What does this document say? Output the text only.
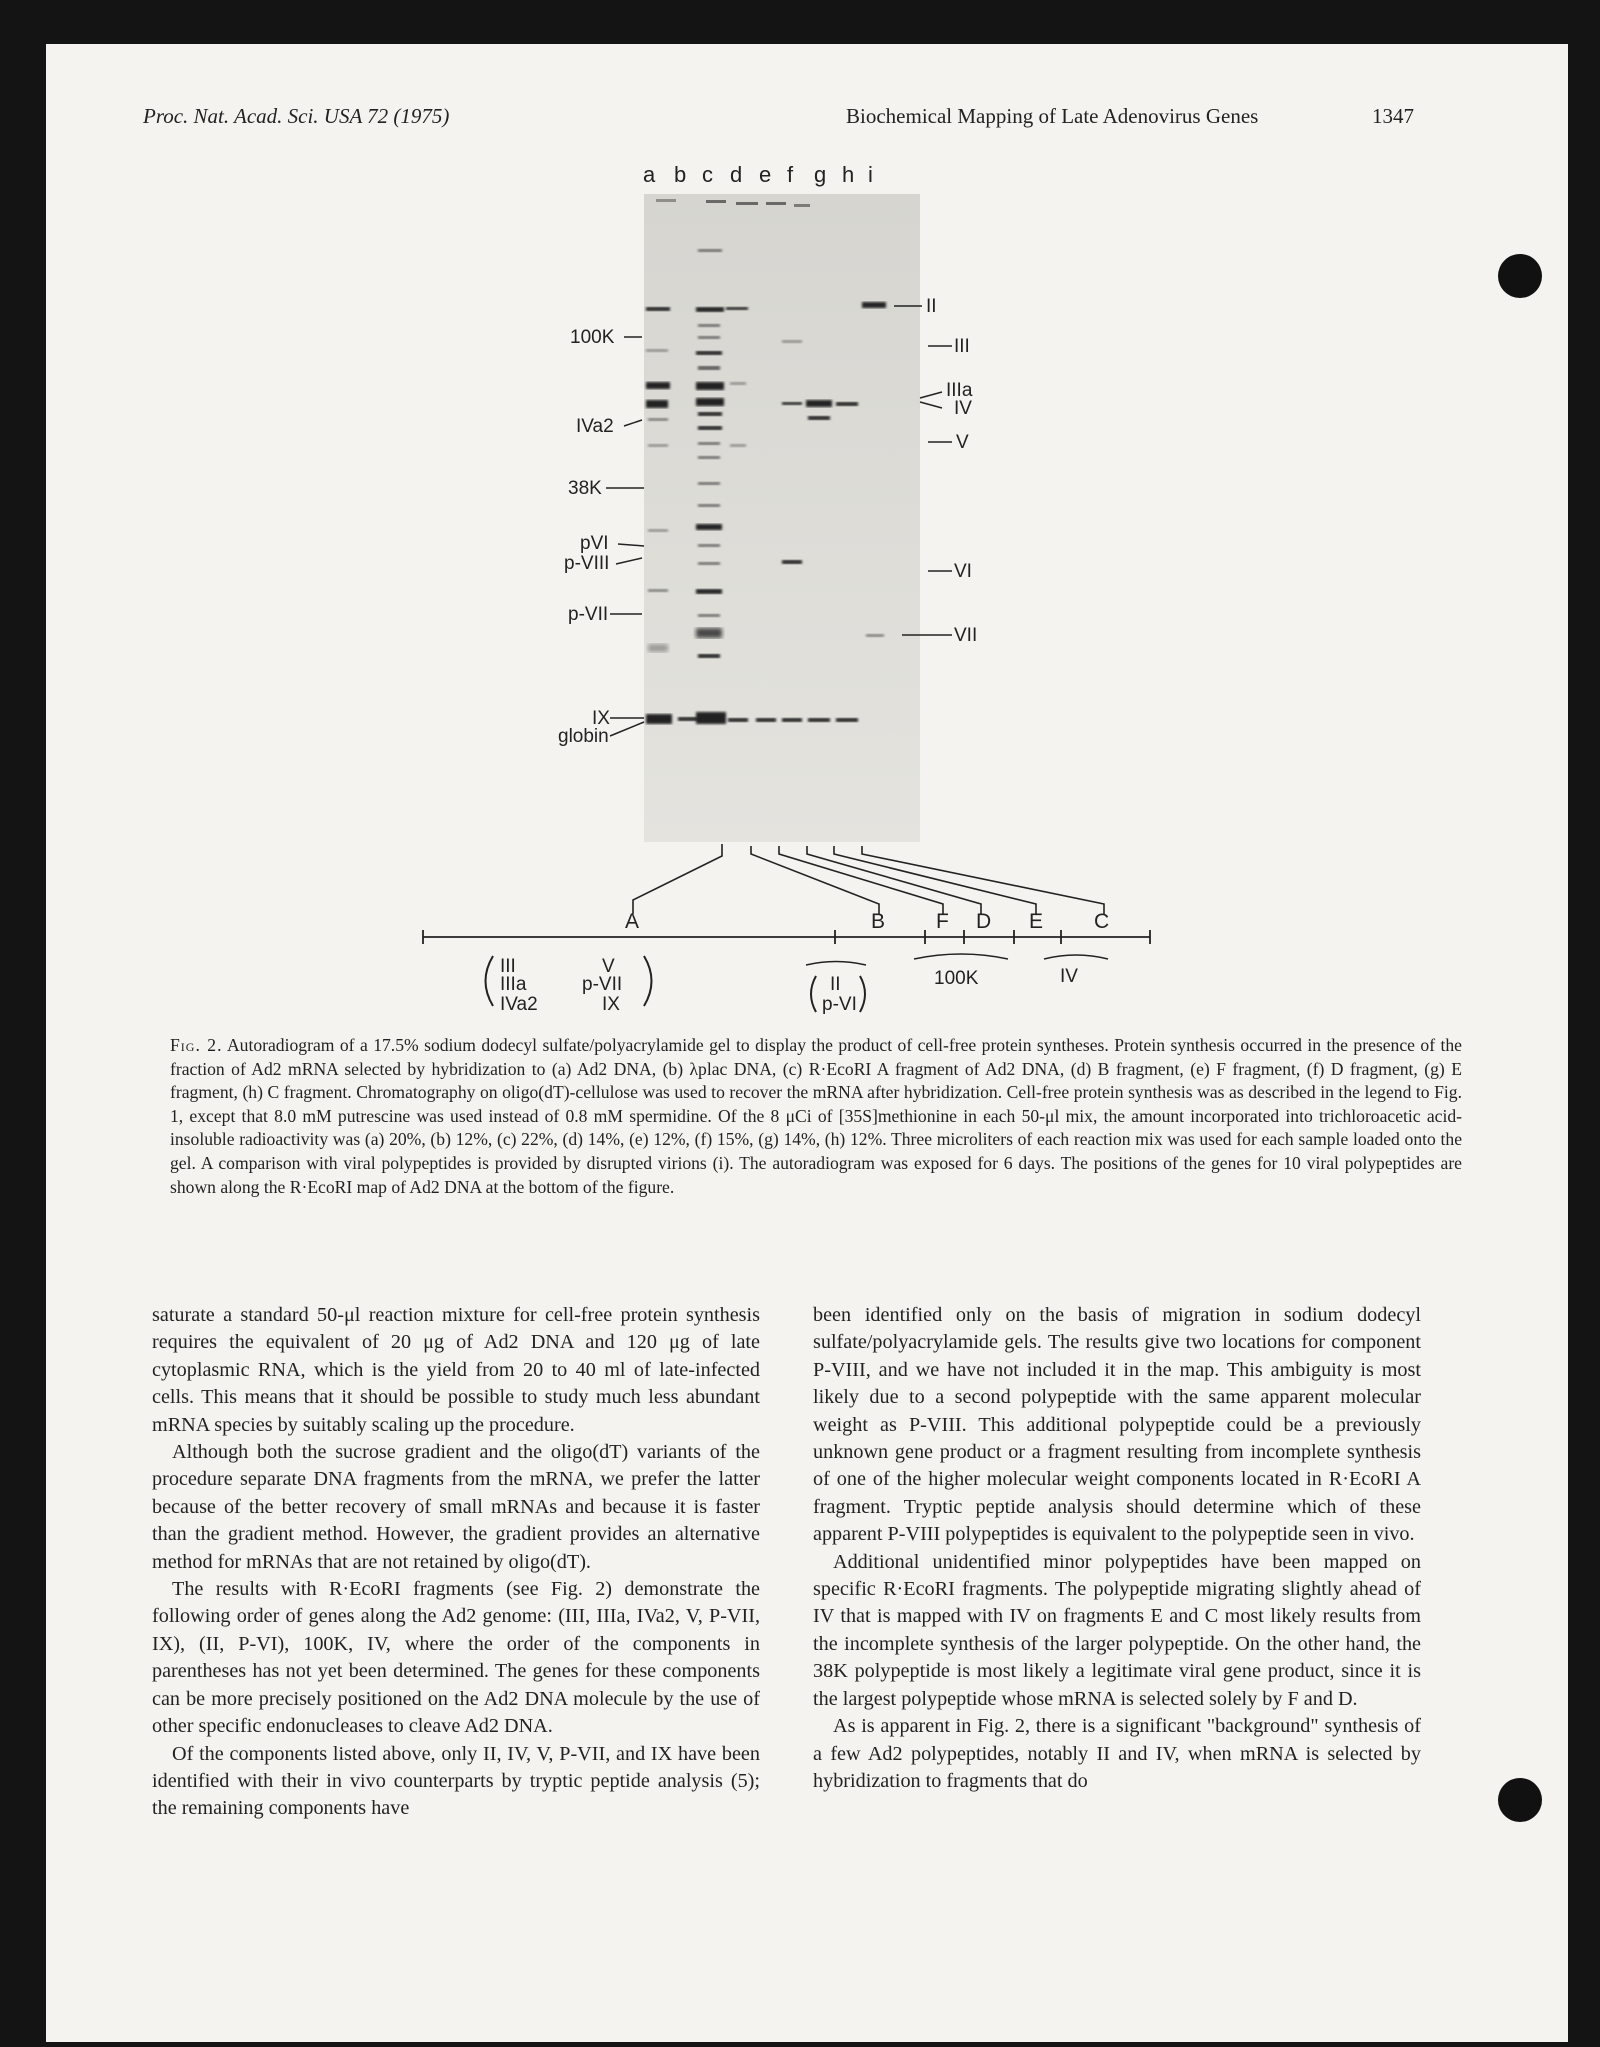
Proc. Nat. Acad. Sci. USA 72 (1975)	Biochemical Mapping of Late Adenovirus Genes	1347
a b c d e f g h i
100K
IVa2
38K
pVI
p-VIII
p-VII
IX
globin
II
III
IIIa
IV
V
VI
VII
A	B F D E C
III
IIIa
IVa2
V
p-VII
IX
II
p-VI
100K	IV
Fig. 2. Autoradiogram of a 17.5% sodium dodecyl sulfate/polyacrylamide gel to display the product of cell-free protein syntheses. Protein synthesis occurred in the presence of the fraction of Ad2 mRNA selected by hybridization to (a) Ad2 DNA, (b) λplac DNA, (c) R·EcoRI A fragment of Ad2 DNA, (d) B fragment, (e) F fragment, (f) D fragment, (g) E fragment, (h) C fragment. Chromatography on oligo(dT)-cellulose was used to recover the mRNA after hybridization. Cell-free protein synthesis was as described in the legend to Fig. 1, except that 8.0 mM putrescine was used instead of 0.8 mM spermidine. Of the 8 μCi of [35S]methionine in each 50-μl mix, the amount incorporated into trichloroacetic acid-insoluble radioactivity was (a) 20%, (b) 12%, (c) 22%, (d) 14%, (e) 12%, (f) 15%, (g) 14%, (h) 12%. Three microliters of each reaction mix was used for each sample loaded onto the gel. A comparison with viral polypeptides is provided by disrupted virions (i). The autoradiogram was exposed for 6 days. The positions of the genes for 10 viral polypeptides are shown along the R·EcoRI map of Ad2 DNA at the bottom of the figure.

saturate a standard 50-μl reaction mixture for cell-free protein synthesis requires the equivalent of 20 μg of Ad2 DNA and 120 μg of late cytoplasmic RNA, which is the yield from 20 to 40 ml of late-infected cells. This means that it should be possible to study much less abundant mRNA species by suitably scaling up the procedure.

Although both the sucrose gradient and the oligo(dT) variants of the procedure separate DNA fragments from the mRNA, we prefer the latter because of the better recovery of small mRNAs and because it is faster than the gradient method. However, the gradient provides an alternative method for mRNAs that are not retained by oligo(dT).

The results with R·EcoRI fragments (see Fig. 2) demonstrate the following order of genes along the Ad2 genome: (III, IIIa, IVa2, V, P-VII, IX), (II, P-VI), 100K, IV, where the order of the components in parentheses has not yet been determined. The genes for these components can be more precisely positioned on the Ad2 DNA molecule by the use of other specific endonucleases to cleave Ad2 DNA.

Of the components listed above, only II, IV, V, P-VII, and IX have been identified with their in vivo counterparts by tryptic peptide analysis (5); the remaining components have

been identified only on the basis of migration in sodium dodecyl sulfate/polyacrylamide gels. The results give two locations for component P-VIII, and we have not included it in the map. This ambiguity is most likely due to a second polypeptide with the same apparent molecular weight as P-VIII. This additional polypeptide could be a previously unknown gene product or a fragment resulting from incomplete synthesis of one of the higher molecular weight components located in R·EcoRI A fragment. Tryptic peptide analysis should determine which of these apparent P-VIII polypeptides is equivalent to the polypeptide seen in vivo.

Additional unidentified minor polypeptides have been mapped on specific R·EcoRI fragments. The polypeptide migrating slightly ahead of IV that is mapped with IV on fragments E and C most likely results from the incomplete synthesis of the larger polypeptide. On the other hand, the 38K polypeptide is most likely a legitimate viral gene product, since it is the largest polypeptide whose mRNA is selected solely by F and D.

As is apparent in Fig. 2, there is a significant "background" synthesis of a few Ad2 polypeptides, notably II and IV, when mRNA is selected by hybridization to fragments that do
